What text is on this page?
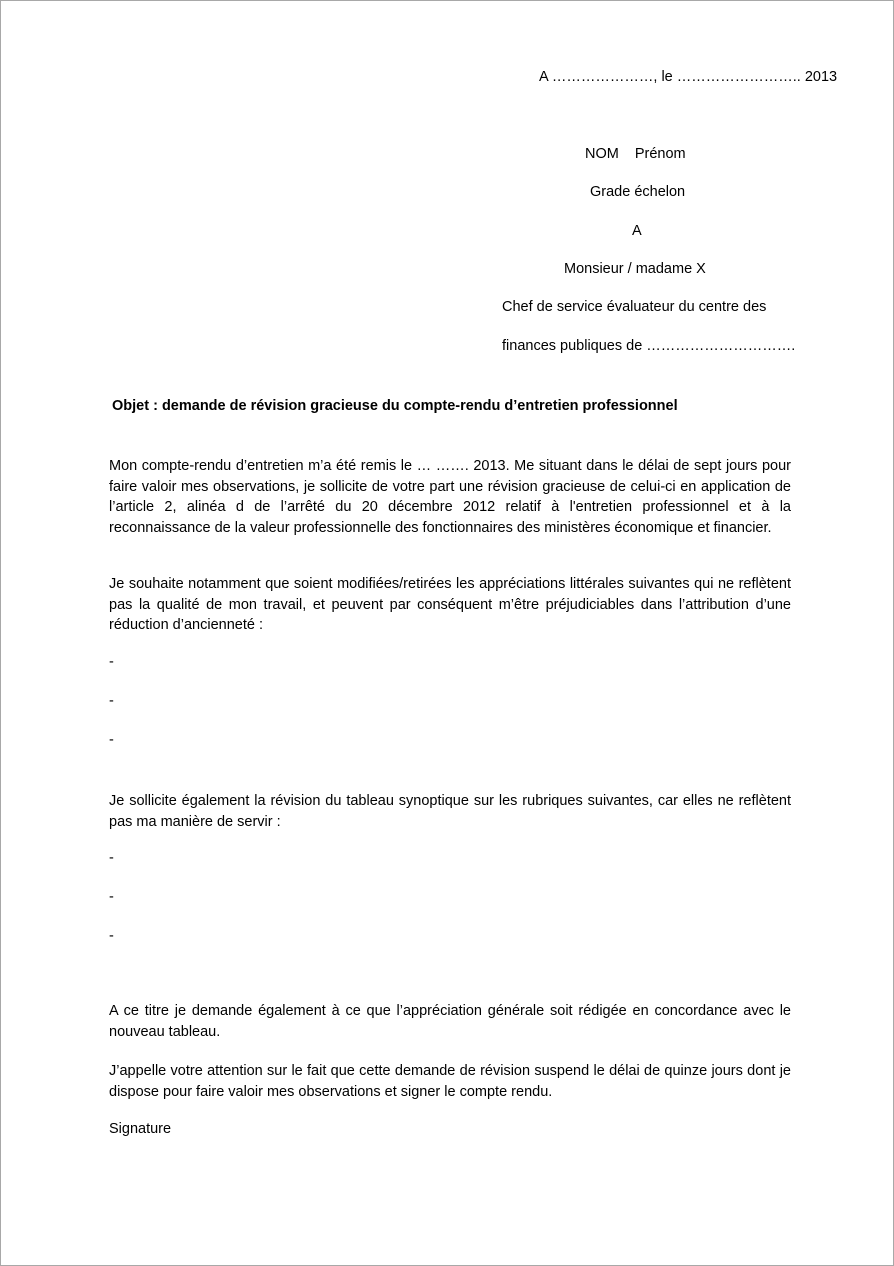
A …………………, le …………………….. 2013

NOM Prénom

Grade échelon

A

Monsieur / madame X

Chef de service évaluateur du centre des

finances publiques de ………………………….

Objet : demande de révision gracieuse du compte-rendu d’entretien professionnel

Mon compte-rendu d’entretien m’a été remis le … ……. 2013. Me situant dans le délai de sept jours pour faire valoir mes observations, je sollicite de votre part une révision gracieuse de celui-ci en application de l’article 2, alinéa d de l’arrêté du 20 décembre 2012 relatif à l'entretien professionnel et à la reconnaissance de la valeur professionnelle des fonctionnaires des ministères économique et financier.

Je souhaite notamment que soient modifiées/retirées les appréciations littérales suivantes qui ne reflètent pas la qualité de mon travail, et peuvent par conséquent m’être préjudiciables dans l’attribution d’une réduction d’ancienneté :

-

-

-

Je sollicite également la révision du tableau synoptique sur les rubriques suivantes, car elles ne reflètent pas ma manière de servir :

-

-

-

A ce titre je demande également à ce que l’appréciation générale soit rédigée en concordance avec le nouveau tableau.

J’appelle votre attention sur le fait que cette demande de révision suspend le délai de quinze jours dont je dispose pour faire valoir mes observations et signer le compte rendu.

Signature
